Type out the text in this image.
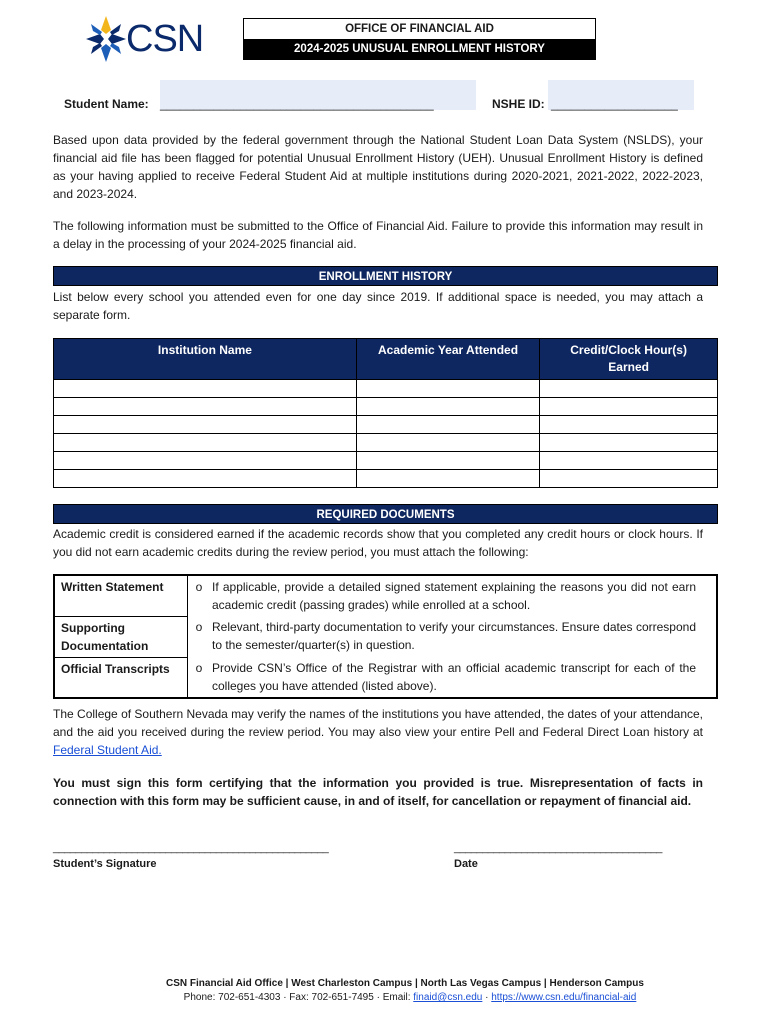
CSN	OFFICE OF FINANCIAL AID
2024-2025 UNUSUAL ENROLLMENT HISTORY
Student Name: _________________________________________	NSHE ID: ___________________
Based upon data provided by the federal government through the National Student Loan Data System (NSLDS), your financial aid file has been flagged for potential Unusual Enrollment History (UEH). Unusual Enrollment History is defined as your having applied to receive Federal Student Aid at multiple institutions during 2020-2021, 2021-2022, 2022-2023, and 2023-2024.
The following information must be submitted to the Office of Financial Aid. Failure to provide this information may result in a delay in the processing of your 2024-2025 financial aid.
ENROLLMENT HISTORY
List below every school you attended even for one day since 2019. If additional space is needed, you may attach a separate form.
Institution Name	Academic Year Attended	Credit/Clock Hour(s) Earned

REQUIRED DOCUMENTS
Academic credit is considered earned if the academic records show that you completed any credit hours or clock hours. If you did not earn academic credits during the review period, you must attach the following:
Written Statement	o	If applicable, provide a detailed signed statement explaining the reasons you did not earn academic credit (passing grades) while enrolled at a school.
Supporting Documentation	o	Relevant, third-party documentation to verify your circumstances. Ensure dates correspond to the semester/quarter(s) in question.
Official Transcripts	o	Provide CSN’s Office of the Registrar with an official academic transcript for each of the colleges you have attended (listed above).
The College of Southern Nevada may verify the names of the institutions you have attended, the dates of your attendance, and the aid you received during the review period. You may also view your entire Pell and Federal Direct Loan history at Federal Student Aid.
You must sign this form certifying that the information you provided is true. Misrepresentation of facts in connection with this form may be sufficient cause, in and of itself, for cancellation or repayment of financial aid.
_________________________________________________
Student’s Signature
_____________________________________
Date
CSN Financial Aid Office | West Charleston Campus | North Las Vegas Campus | Henderson Campus
Phone: 702-651-4303 · Fax: 702-651-7495 · Email: finaid@csn.edu · https://www.csn.edu/financial-aid
